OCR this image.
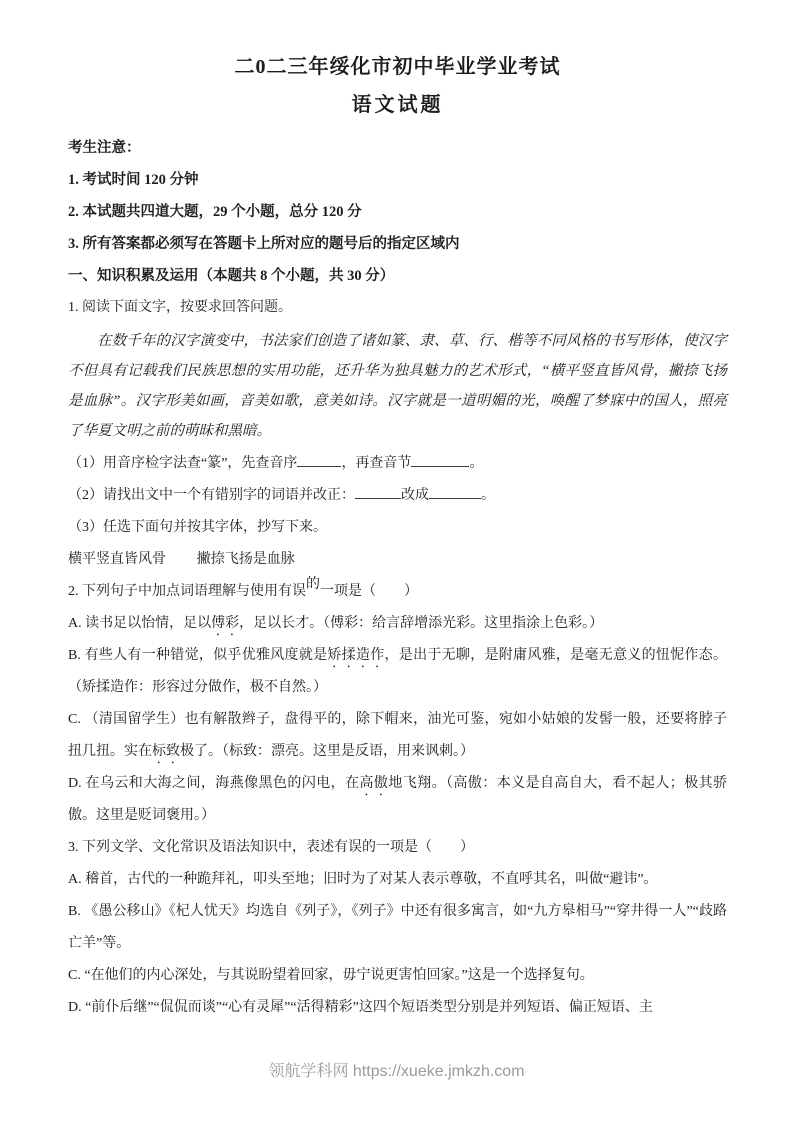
二0二三年绥化市初中毕业学业考试
语文试题
考生注意：
1. 考试时间 120 分钟
2. 本试题共四道大题，29 个小题，总分 120 分
3. 所有答案都必须写在答题卡上所对应的题号后的指定区域内
一、知识积累及运用（本题共 8 个小题，共 30 分）
1. 阅读下面文字，按要求回答问题。

在数千年的汉字演变中，书法家们创造了诸如篆、隶、草、行、楷等不同风格的书写形体，使汉字不但具有记载我们民族思想的实用功能，还升华为独具魅力的艺术形式，“横平竖直皆风骨，撇捺飞扬是血脉”。汉字形美如画，音美如歌，意美如诗。汉字就是一道明媚的光，唤醒了梦寐中的国人，照亮了华夏文明之前的萌昧和黑暗。

（1）用音序检字法查“篆”，先查音序	，再查音节	。
（2）请找出文中一个有错别字的词语并改正：	改成	。
（3）任选下面句并按其字体，抄写下来。
横平竖直皆风骨 撇捺飞扬是血脉
2. 下列句子中加点词语理解与使用有误的一项是（　　）
A. 读书足以怡情，足以傅彩，足以长才。（傅彩：给言辞增添光彩。这里指涂上色彩。）
B. 有些人有一种错觉，似乎优雅风度就是矫揉造作，是出于无聊，是附庸风雅，是毫无意义的忸怩作态。（矫揉造作：形容过分做作，极不自然。）
C. （清国留学生）也有解散辫子，盘得平的，除下帽来，油光可鉴，宛如小姑娘的发髻一般，还要将脖子扭几扭。实在标致极了。（标致：漂亮。这里是反语，用来讽刺。）
D. 在乌云和大海之间，海燕像黑色的闪电，在高傲地飞翔。（高傲：本义是自高自大，看不起人；极其骄傲。这里是贬词褒用。）
3. 下列文学、文化常识及语法知识中，表述有误的一项是（　　）
A. 稽首，古代的一种跪拜礼，叩头至地；旧时为了对某人表示尊敬，不直呼其名，叫做“避讳”。
B. 《愚公移山》《杞人忧天》均选自《列子》，《列子》中还有很多寓言，如“九方皋相马”“穿井得一人”“歧路亡羊”等。
C. “在他们的内心深处，与其说盼望着回家，毋宁说更害怕回家。”这是一个选择复句。
D. “前仆后继”“侃侃而谈”“心有灵犀”“活得精彩”这四个短语类型分别是并列短语、偏正短语、主
领航学科网 https://xueke.jmkzh.com
